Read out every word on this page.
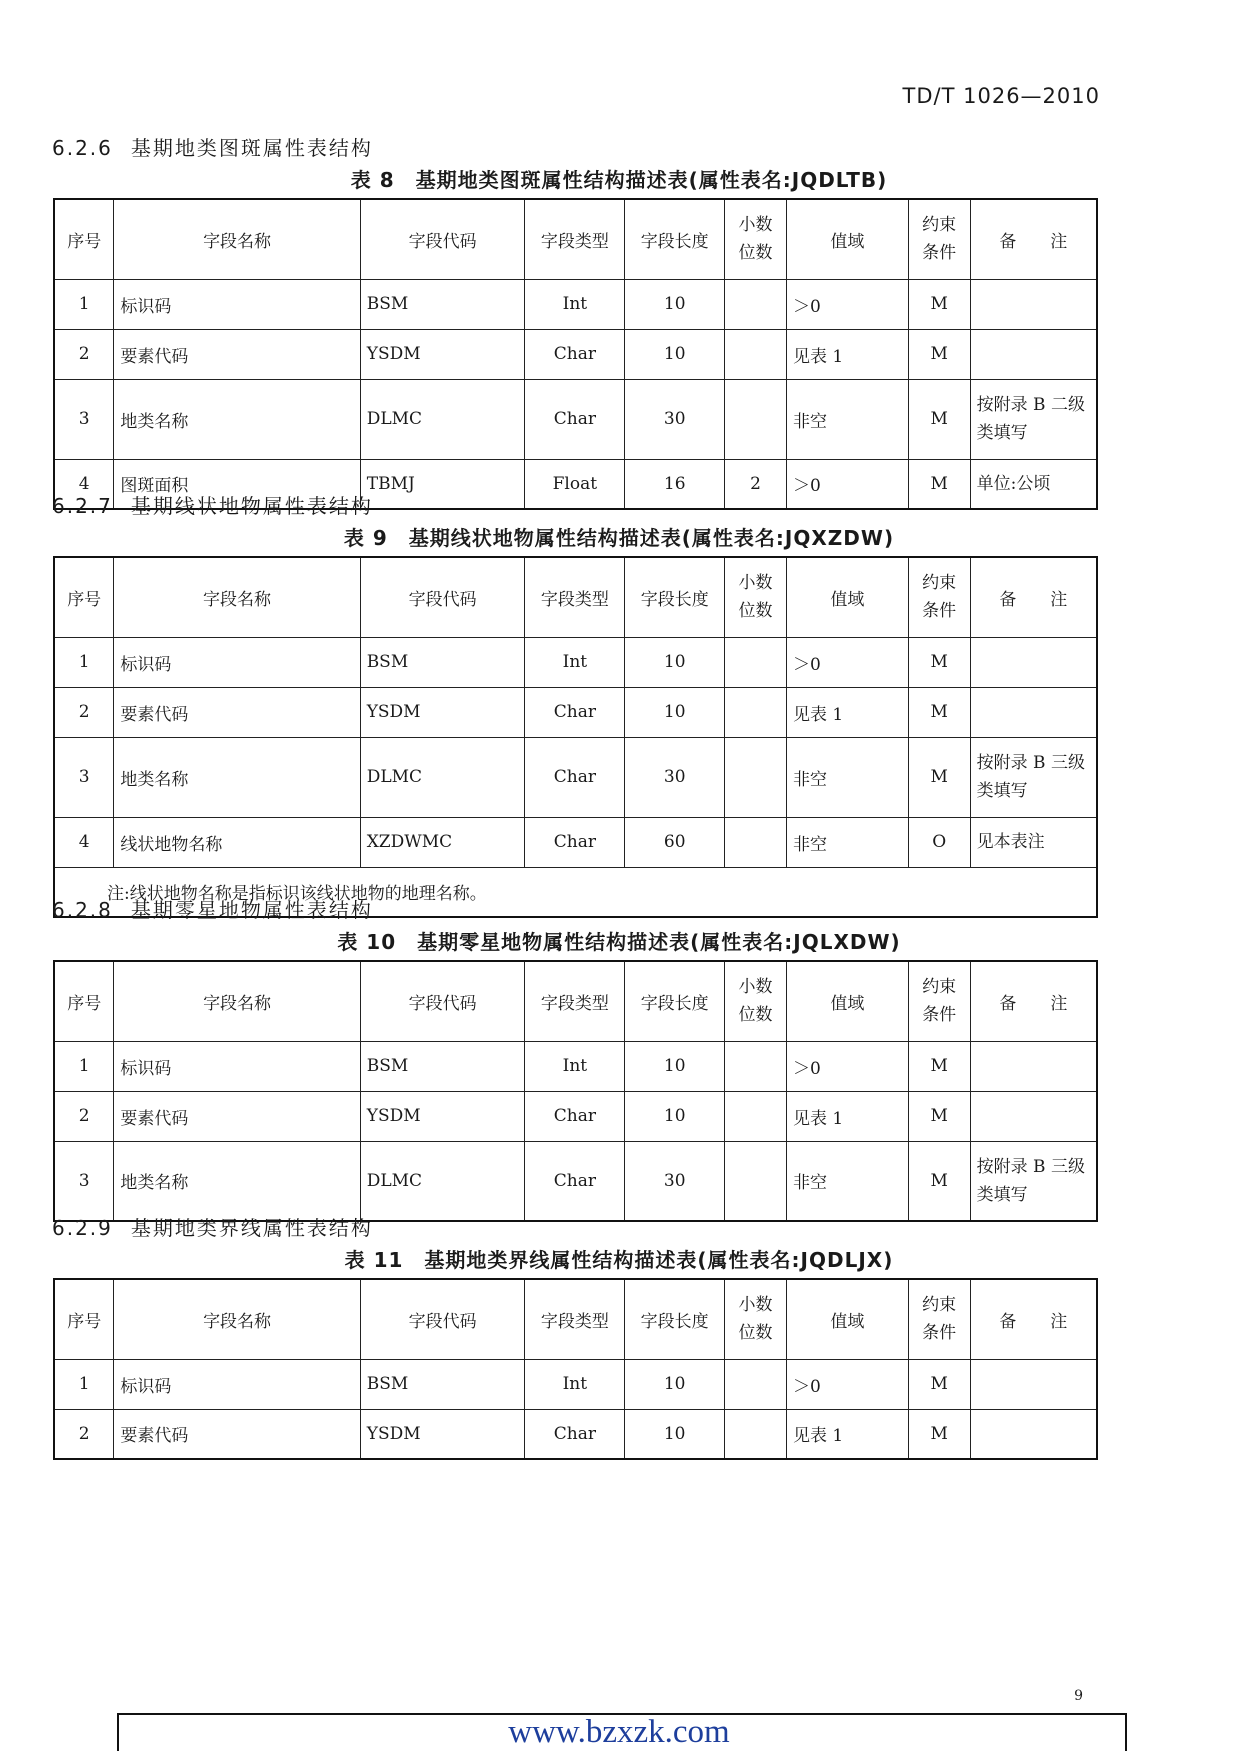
TD/T 1026—2010
6.2.6 基期地类图斑属性表结构
表 8　基期地类图斑属性结构描述表(属性表名:JQDLTB)
序号	字段名称	字段代码	字段类型	字段长度	小数位数	值域	约束条件	备　　注
1	标识码	BSM	Int	10		＞0	M	
2	要素代码	YSDM	Char	10		见表 1	M	
3	地类名称	DLMC	Char	30		非空	M	按附录 B 二级类填写
4	图斑面积	TBMJ	Float	16	2	＞0	M	单位:公顷
6.2.7 基期线状地物属性表结构
表 9　基期线状地物属性结构描述表(属性表名:JQXZDW)
序号	字段名称	字段代码	字段类型	字段长度	小数位数	值域	约束条件	备　　注
1	标识码	BSM	Int	10		＞0	M	
2	要素代码	YSDM	Char	10		见表 1	M	
3	地类名称	DLMC	Char	30		非空	M	按附录 B 三级类填写
4	线状地物名称	XZDWMC	Char	60		非空	O	见本表注
注:线状地物名称是指标识该线状地物的地理名称。								
6.2.8 基期零星地物属性表结构
表 10　基期零星地物属性结构描述表(属性表名:JQLXDW)
序号	字段名称	字段代码	字段类型	字段长度	小数位数	值域	约束条件	备　　注
1	标识码	BSM	Int	10		＞0	M	
2	要素代码	YSDM	Char	10		见表 1	M	
3	地类名称	DLMC	Char	30		非空	M	按附录 B 三级类填写
6.2.9 基期地类界线属性表结构
表 11　基期地类界线属性结构描述表(属性表名:JQDLJX)
序号	字段名称	字段代码	字段类型	字段长度	小数位数	值域	约束条件	备　　注
1	标识码	BSM	Int	10		＞0	M	
2	要素代码	YSDM	Char	10		见表 1	M	
9
www.bzxzk.com
